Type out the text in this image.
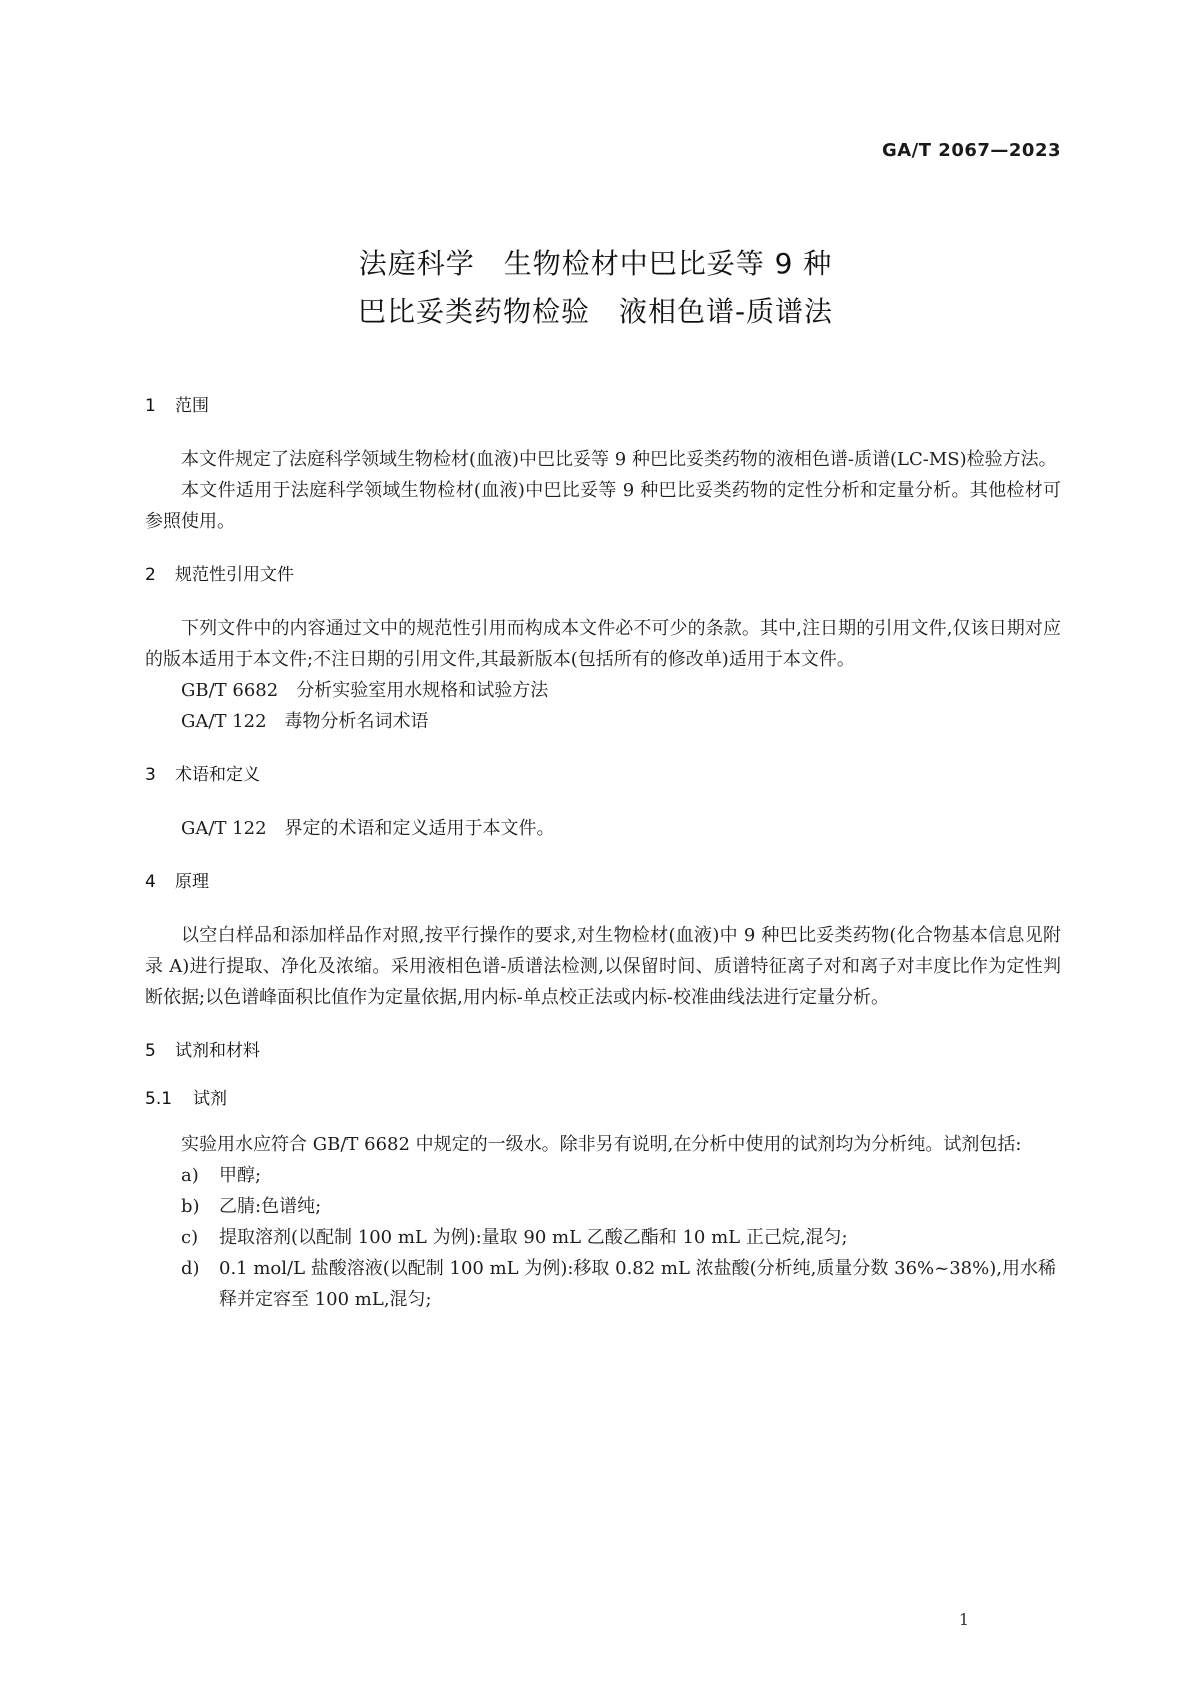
GA/T 2067—2023
法庭科学　生物检材中巴比妥等 9 种
巴比妥类药物检验　液相色谱-质谱法
1 范围
本文件规定了法庭科学领域生物检材(血液)中巴比妥等 9 种巴比妥类药物的液相色谱-质谱(LC-MS)检验方法。
本文件适用于法庭科学领域生物检材(血液)中巴比妥等 9 种巴比妥类药物的定性分析和定量分析。其他检材可参照使用。
2 规范性引用文件
下列文件中的内容通过文中的规范性引用而构成本文件必不可少的条款。其中,注日期的引用文件,仅该日期对应的版本适用于本文件;不注日期的引用文件,其最新版本(包括所有的修改单)适用于本文件。
GB/T 6682　 分析实验室用水规格和试验方法
GA/T 122　 毒物分析名词术语
3 术语和定义
GA/T 122　界定的术语和定义适用于本文件。
4 原理
以空白样品和添加样品作对照,按平行操作的要求,对生物检材(血液)中 9 种巴比妥类药物(化合物基本信息见附录 A)进行提取、净化及浓缩。采用液相色谱-质谱法检测,以保留时间、质谱特征离子对和离子对丰度比作为定性判断依据;以色谱峰面积比值作为定量依据,用内标-单点校正法或内标-校准曲线法进行定量分析。
5 试剂和材料
5.1 试剂
实验用水应符合 GB/T 6682 中规定的一级水。除非另有说明,在分析中使用的试剂均为分析纯。试剂包括:
a)	甲醇;
b)	乙腈:色谱纯;
c)	提取溶剂(以配制 100 mL 为例):量取 90 mL 乙酸乙酯和 10 mL 正己烷,混匀;
d)	0.1 mol/L 盐酸溶液(以配制 100 mL 为例):移取 0.82 mL 浓盐酸(分析纯,质量分数 36%~38%),用水稀释并定容至 100 mL,混匀;
1
